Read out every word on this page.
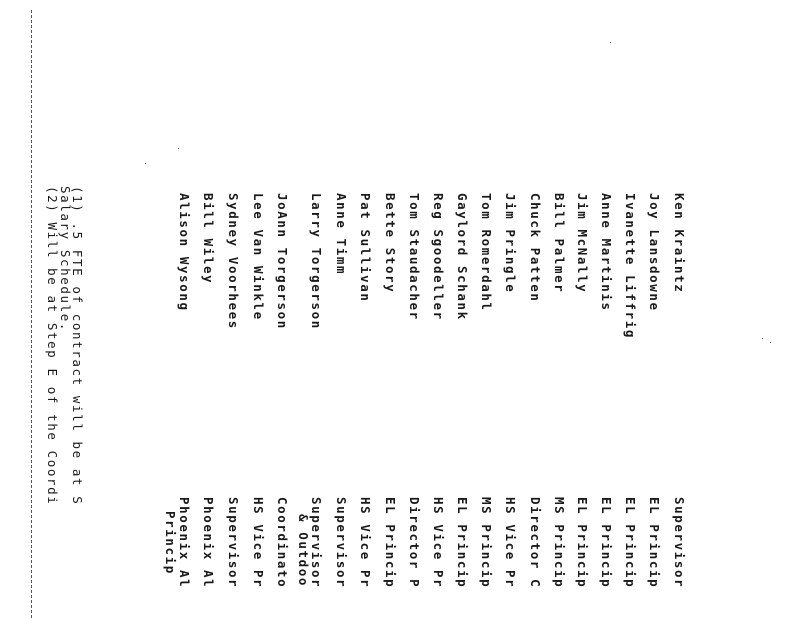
Ken Kraintz
Supervisor
Joy Lansdowne
EL Princip
Ivanette Liffrig
EL Princip
Anne Martinis
EL Princip
Jim McNally
EL Princip
Bill Palmer
MS Princip
Chuck Patten
Director C
Jim Pringle
HS Vice Pr
Tom Romerdahl
MS Princip
Gaylord Schank
EL Princip
Reg Sgoodeller
HS Vice Pr
Tom Staudacher
Director P
Bette Story
EL Princip
Pat Sullivan
HS Vice Pr
Anne Timm
Supervisor
Larry Torgerson
Supervisor
& Outdoo
JoAnn Torgerson
Coordinato
Lee Van Winkle
HS Vice Pr
Sydney Voorhees
Supervisor
Bill Wiley
Phoenix Al
Alison Wysong
Phoenix Al
Princip
(1) .5 FTE of contract will be at S
Salary Schedule.
(2) Will be at Step E of the Coordi
